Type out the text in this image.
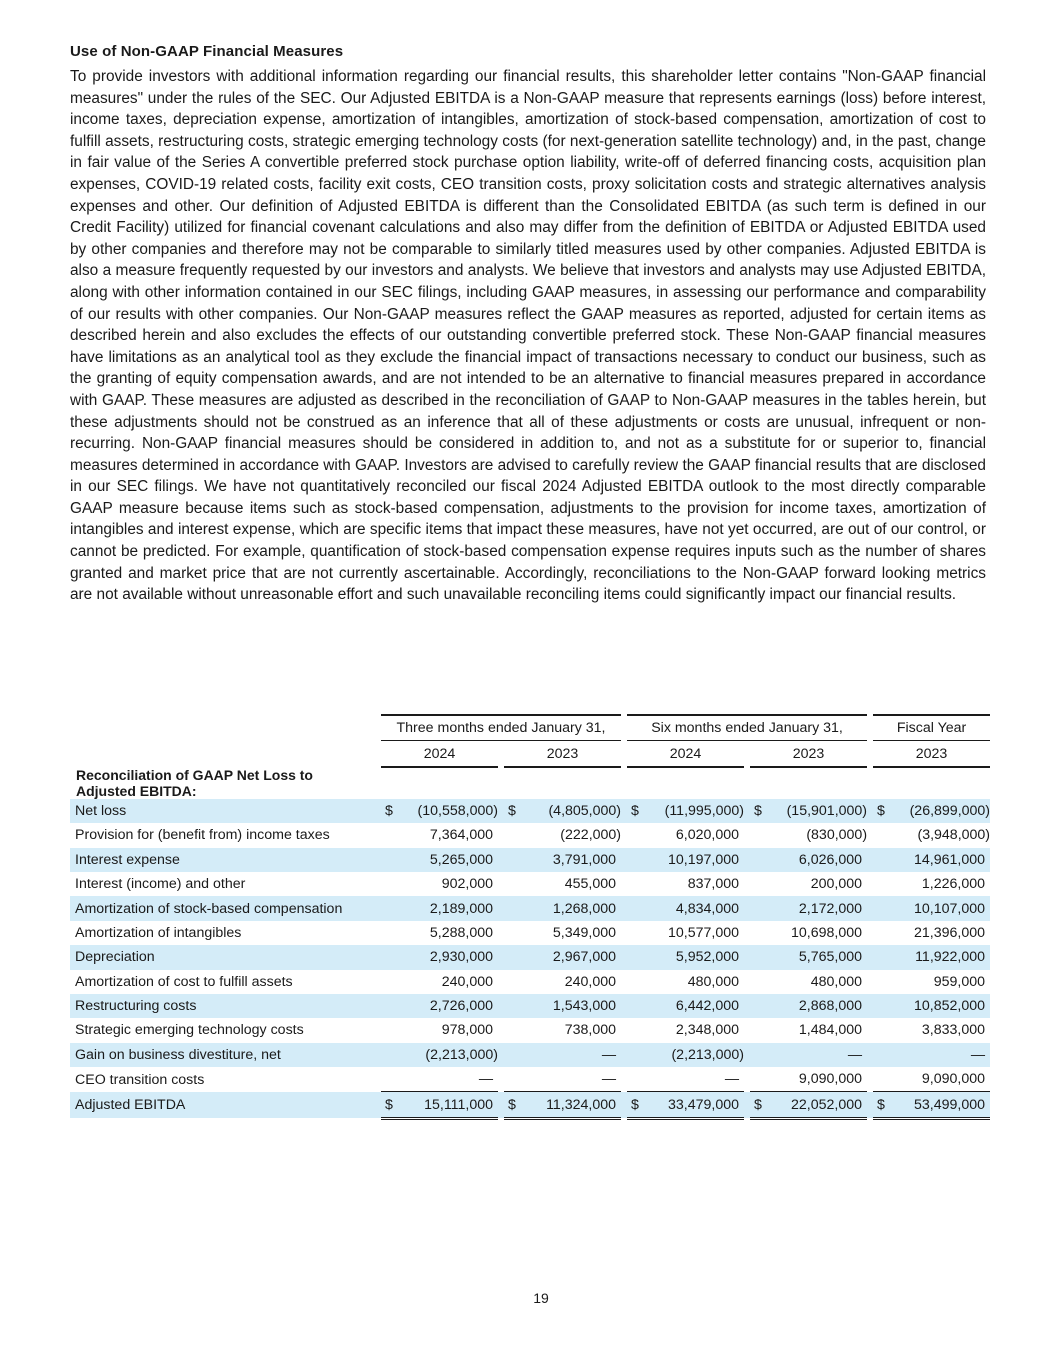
Use of Non-GAAP Financial Measures

To provide investors with additional information regarding our financial results, this shareholder letter contains "Non-GAAP financial measures" under the rules of the SEC. Our Adjusted EBITDA is a Non-GAAP measure that represents earnings (loss) before interest, income taxes, depreciation expense, amortization of intangibles, amortization of stock-based compensation, amortization of cost to fulfill assets, restructuring costs, strategic emerging technology costs (for next-generation satellite technology) and, in the past, change in fair value of the Series A convertible preferred stock purchase option liability, write-off of deferred financing costs, acquisition plan expenses, COVID-19 related costs, facility exit costs, CEO transition costs, proxy solicitation costs and strategic alternatives analysis expenses and other. Our definition of Adjusted EBITDA is different than the Consolidated EBITDA (as such term is defined in our Credit Facility) utilized for financial covenant calculations and also may differ from the definition of EBITDA or Adjusted EBITDA used by other companies and therefore may not be comparable to similarly titled measures used by other companies. Adjusted EBITDA is also a measure frequently requested by our investors and analysts. We believe that investors and analysts may use Adjusted EBITDA, along with other information contained in our SEC filings, including GAAP measures, in assessing our performance and comparability of our results with other companies. Our Non-GAAP measures reflect the GAAP measures as reported, adjusted for certain items as described herein and also excludes the effects of our outstanding convertible preferred stock. These Non-GAAP financial measures have limitations as an analytical tool as they exclude the financial impact of transactions necessary to conduct our business, such as the granting of equity compensation awards, and are not intended to be an alternative to financial measures prepared in accordance with GAAP. These measures are adjusted as described in the reconciliation of GAAP to Non-GAAP measures in the tables herein, but these adjustments should not be construed as an inference that all of these adjustments or costs are unusual, infrequent or non-recurring. Non-GAAP financial measures should be considered in addition to, and not as a substitute for or superior to, financial measures determined in accordance with GAAP. Investors are advised to carefully review the GAAP financial results that are disclosed in our SEC filings. We have not quantitatively reconciled our fiscal 2024 Adjusted EBITDA outlook to the most directly comparable GAAP measure because items such as stock-based compensation, adjustments to the provision for income taxes, amortization of intangibles and interest expense, which are specific items that impact these measures, have not yet occurred, are out of our control, or cannot be predicted. For example, quantification of stock-based compensation expense requires inputs such as the number of shares granted and market price that are not currently ascertainable. Accordingly, reconciliations to the Non-GAAP forward looking metrics are not available without unreasonable effort and such unavailable reconciling items could significantly impact our financial results.

		Three months ended January 31,						Six months ended January 31,						Fiscal Year	
		2024			2023			2024			2023			2023	
Reconciliation of GAAP Net Loss to Adjusted EBITDA:															
Net loss		$	(10,558,000)		$	(4,805,000)		$	(11,995,000)		$	(15,901,000)		$	(26,899,000)
Provision for (benefit from) income taxes			7,364,000			(222,000)			6,020,000			(830,000)			(3,948,000)
Interest expense			5,265,000			3,791,000			10,197,000			6,026,000			14,961,000
Interest (income) and other			902,000			455,000			837,000			200,000			1,226,000
Amortization of stock-based compensation			2,189,000			1,268,000			4,834,000			2,172,000			10,107,000
Amortization of intangibles			5,288,000			5,349,000			10,577,000			10,698,000			21,396,000
Depreciation			2,930,000			2,967,000			5,952,000			5,765,000			11,922,000
Amortization of cost to fulfill assets			240,000			240,000			480,000			480,000			959,000
Restructuring costs			2,726,000			1,543,000			6,442,000			2,868,000			10,852,000
Strategic emerging technology costs			978,000			738,000			2,348,000			1,484,000			3,833,000
Gain on business divestiture, net			(2,213,000)			—			(2,213,000)			—			—
CEO transition costs			—			—			—			9,090,000			9,090,000
Adjusted EBITDA		$	15,111,000		$	11,324,000		$	33,479,000		$	22,052,000		$	53,499,000
19
